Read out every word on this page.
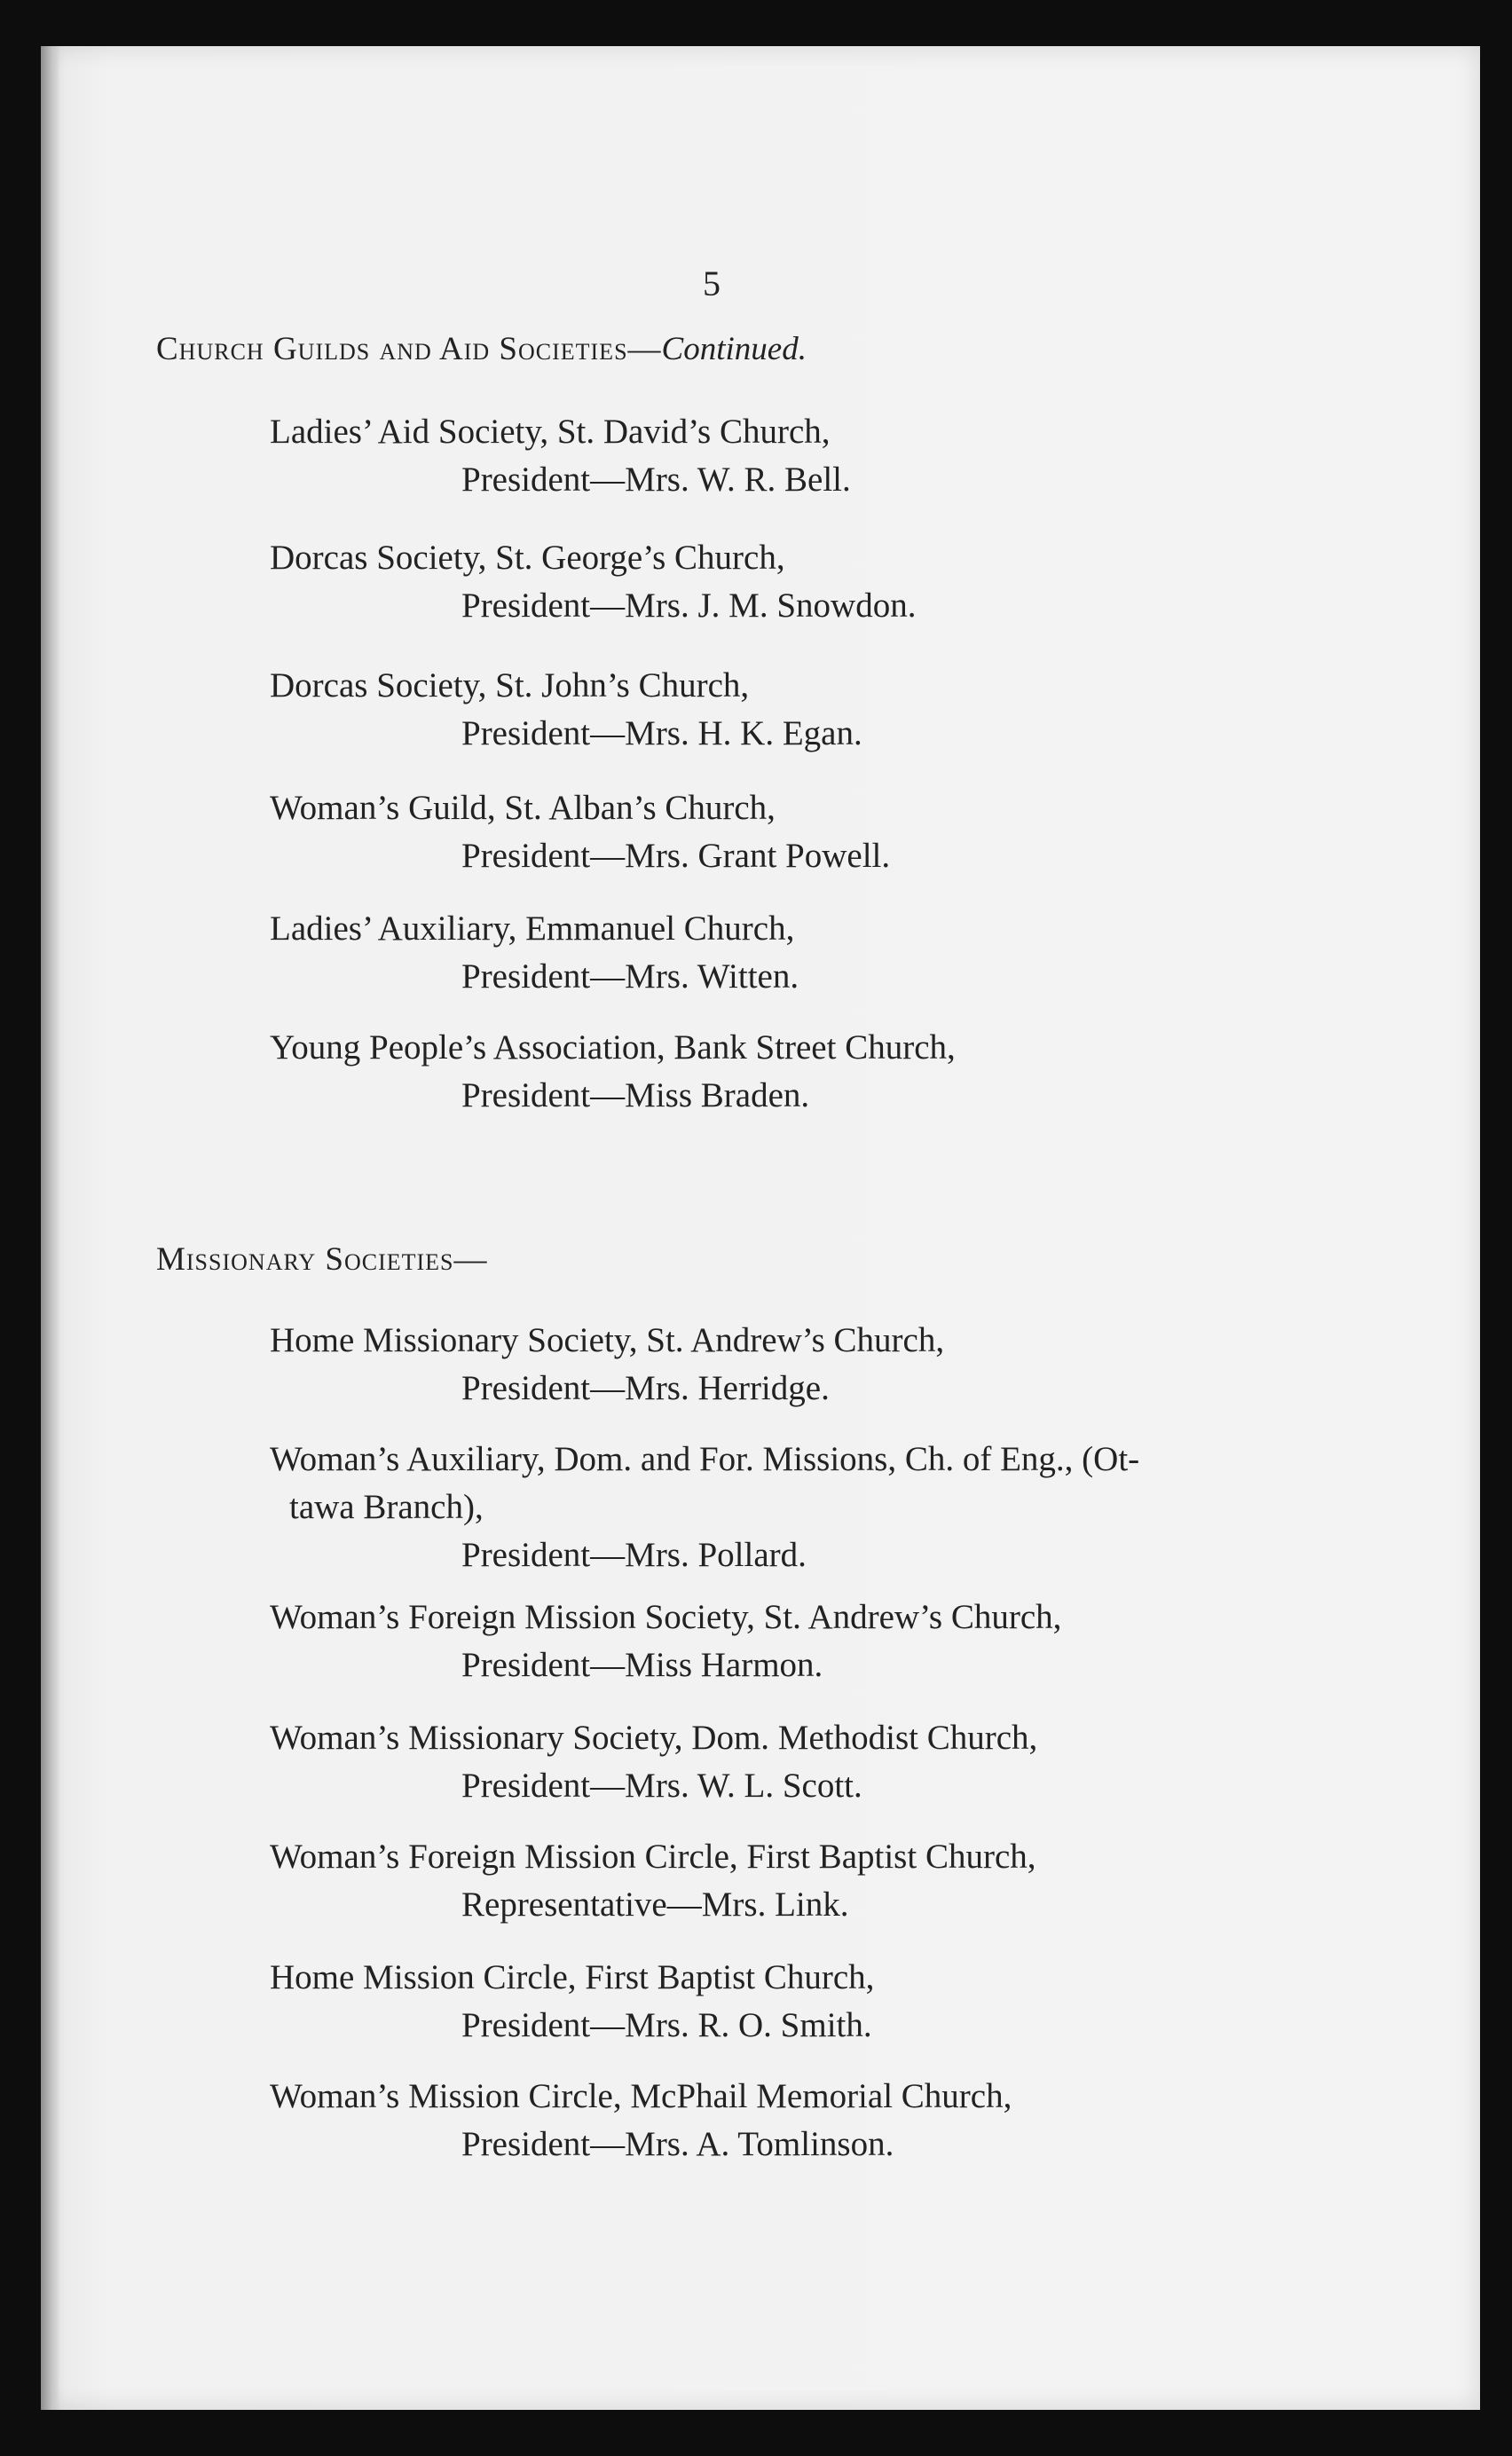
5
Church Guilds and Aid Societies—Continued.
Ladies’ Aid Society, St. David’s Church,
President—Mrs. W. R. Bell.
Dorcas Society, St. George’s Church,
President—Mrs. J. M. Snowdon.
Dorcas Society, St. John’s Church,
President—Mrs. H. K. Egan.
Woman’s Guild, St. Alban’s Church,
President—Mrs. Grant Powell.
Ladies’ Auxiliary, Emmanuel Church,
President—Mrs. Witten.
Young People’s Association, Bank Street Church,
President—Miss Braden.
Missionary Societies—
Home Missionary Society, St. Andrew’s Church,
President—Mrs. Herridge.
Woman’s Auxiliary, Dom. and For. Missions, Ch. of Eng., (Ot-
tawa Branch),
President—Mrs. Pollard.
Woman’s Foreign Mission Society, St. Andrew’s Church,
President—Miss Harmon.
Woman’s Missionary Society, Dom. Methodist Church,
President—Mrs. W. L. Scott.
Woman’s Foreign Mission Circle, First Baptist Church,
Representative—Mrs. Link.
Home Mission Circle, First Baptist Church,
President—Mrs. R. O. Smith.
Woman’s Mission Circle, McPhail Memorial Church,
President—Mrs. A. Tomlinson.
